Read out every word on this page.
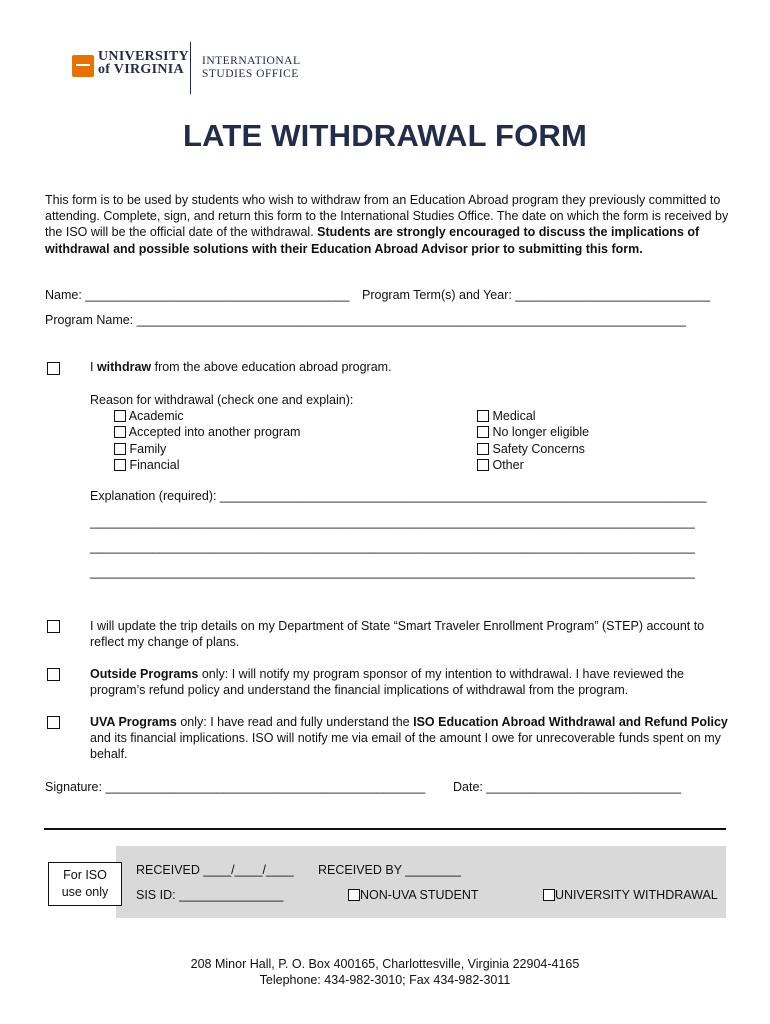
UNIVERSITY
of VIRGINIA
INTERNATIONAL
STUDIES OFFICE
LATE WITHDRAWAL FORM
This form is to be used by students who wish to withdraw from an Education Abroad program they previously committed to attending. Complete, sign, and return this form to the International Studies Office. The date on which the form is received by the ISO will be the official date of the withdrawal. Students are strongly encouraged to discuss the implications of withdrawal and possible solutions with their Education Abroad Advisor prior to submitting this form.
Name: ______________________________________ Program Term(s) and Year: ____________________________
Program Name: _______________________________________________________________________________
I withdraw from the above education abroad program.
Reason for withdrawal (check one and explain):
Academic
Accepted into another program
Family
Financial
Medical
No longer eligible
Safety Concerns
Other
Explanation (required): ______________________________________________________________________
_______________________________________________________________________________________
_______________________________________________________________________________________
_______________________________________________________________________________________
I will update the trip details on my Department of State “Smart Traveler Enrollment Program” (STEP) account to reflect my change of plans.
Outside Programs only: I will notify my program sponsor of my intention to withdrawal. I have reviewed the program’s refund policy and understand the financial implications of withdrawal from the program.
UVA Programs only: I have read and fully understand the ISO Education Abroad Withdrawal and Refund Policy and its financial implications. ISO will notify me via email of the amount I owe for unrecoverable funds spent on my behalf.
Signature: ______________________________________________ Date: ____________________________
For ISO
use only
RECEIVED ____/____/____ RECEIVED BY ________
SIS ID: _______________	NON-UVA STUDENT	UNIVERSITY WITHDRAWAL
208 Minor Hall, P. O. Box 400165, Charlottesville, Virginia 22904-4165
Telephone: 434-982-3010; Fax 434-982-3011
